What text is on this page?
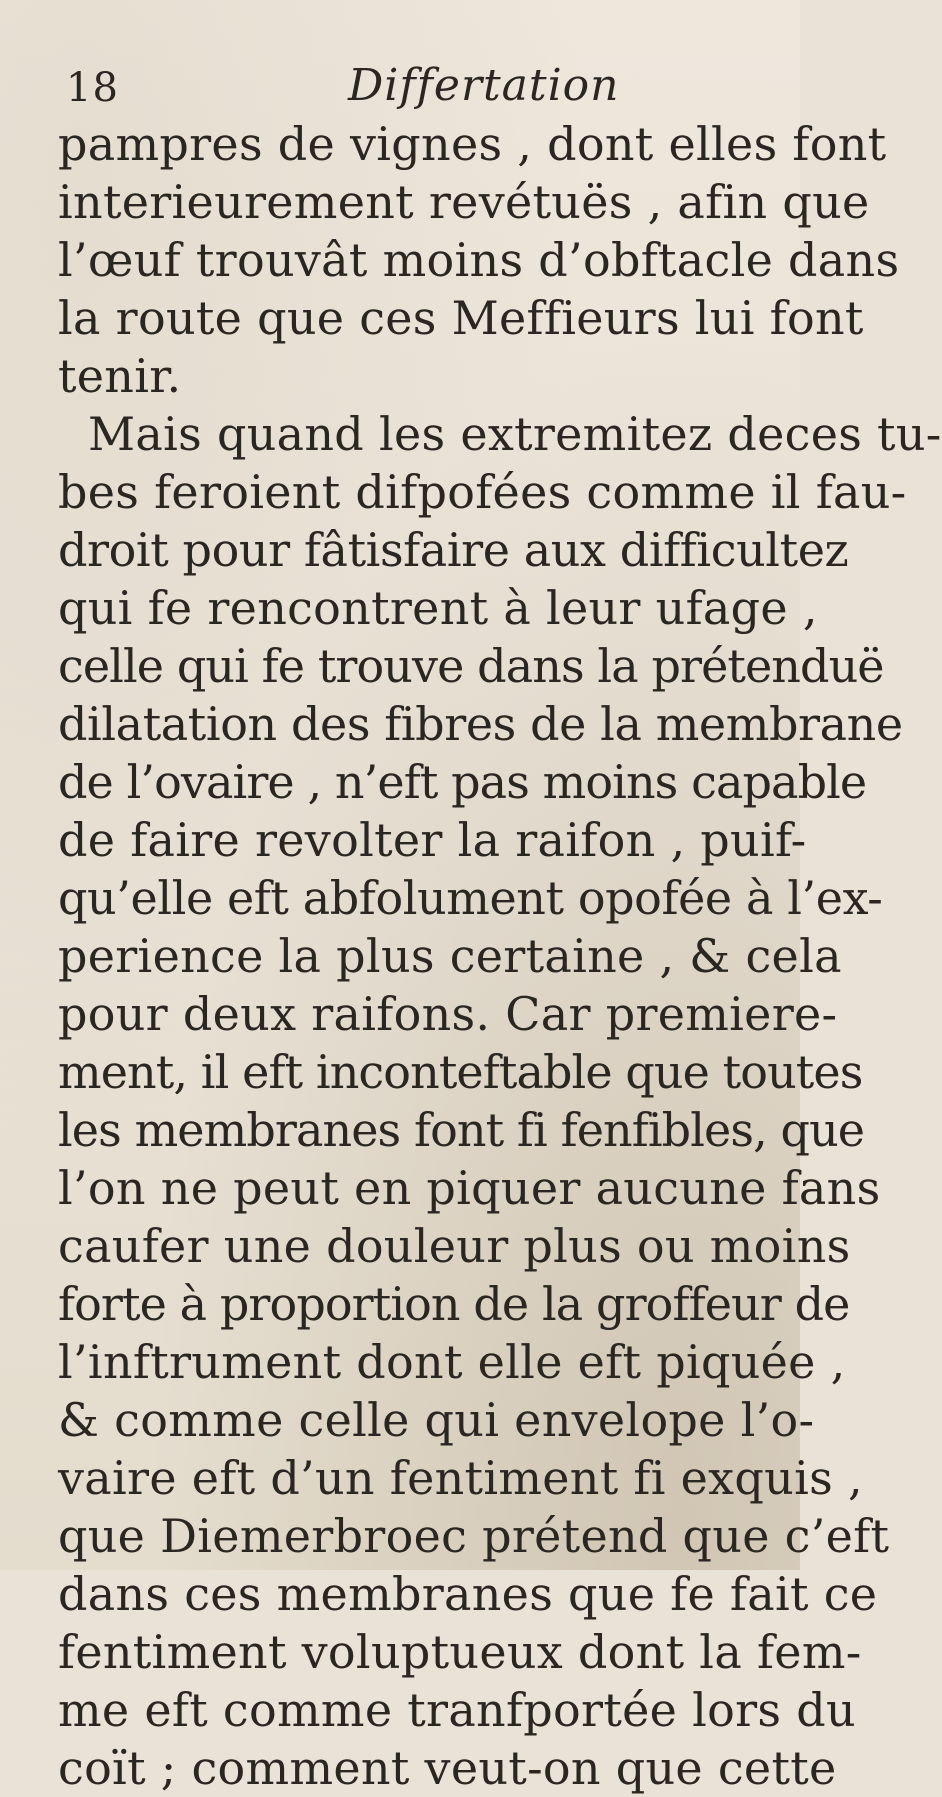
18	Differtation
pampres de vignes , dont elles font
interieurement revétuës , afin que
l’œuf trouvât moins d’obftacle dans
la route que ces Meffieurs lui font
tenir.
Mais quand les extremitez deces tu-
bes feroient difpofées comme il fau-
droit pour fâtisfaire aux difficultez
qui fe rencontrent à leur ufage ,
celle qui fe trouve dans la prétenduë
dilatation des fibres de la membrane
de l’ovaire , n’eft pas moins capable
de faire revolter la raifon , puif-
qu’elle eft abfolument opofée à l’ex-
perience la plus certaine , & cela
pour deux raifons. Car premiere-
ment, il eft inconteftable que toutes
les membranes font fi fenfibles, que
l’on ne peut en piquer aucune fans
caufer une douleur plus ou moins
forte à proportion de la groffeur de
l’inftrument dont elle eft piquée ,
& comme celle qui envelope l’o-
vaire eft d’un fentiment fi exquis ,
que Diemerbroec prétend que c’eft
dans ces membranes que fe fait ce
fentiment voluptueux dont la fem-
me eft comme tranfportée lors du
coït ; comment veut-on que cette
